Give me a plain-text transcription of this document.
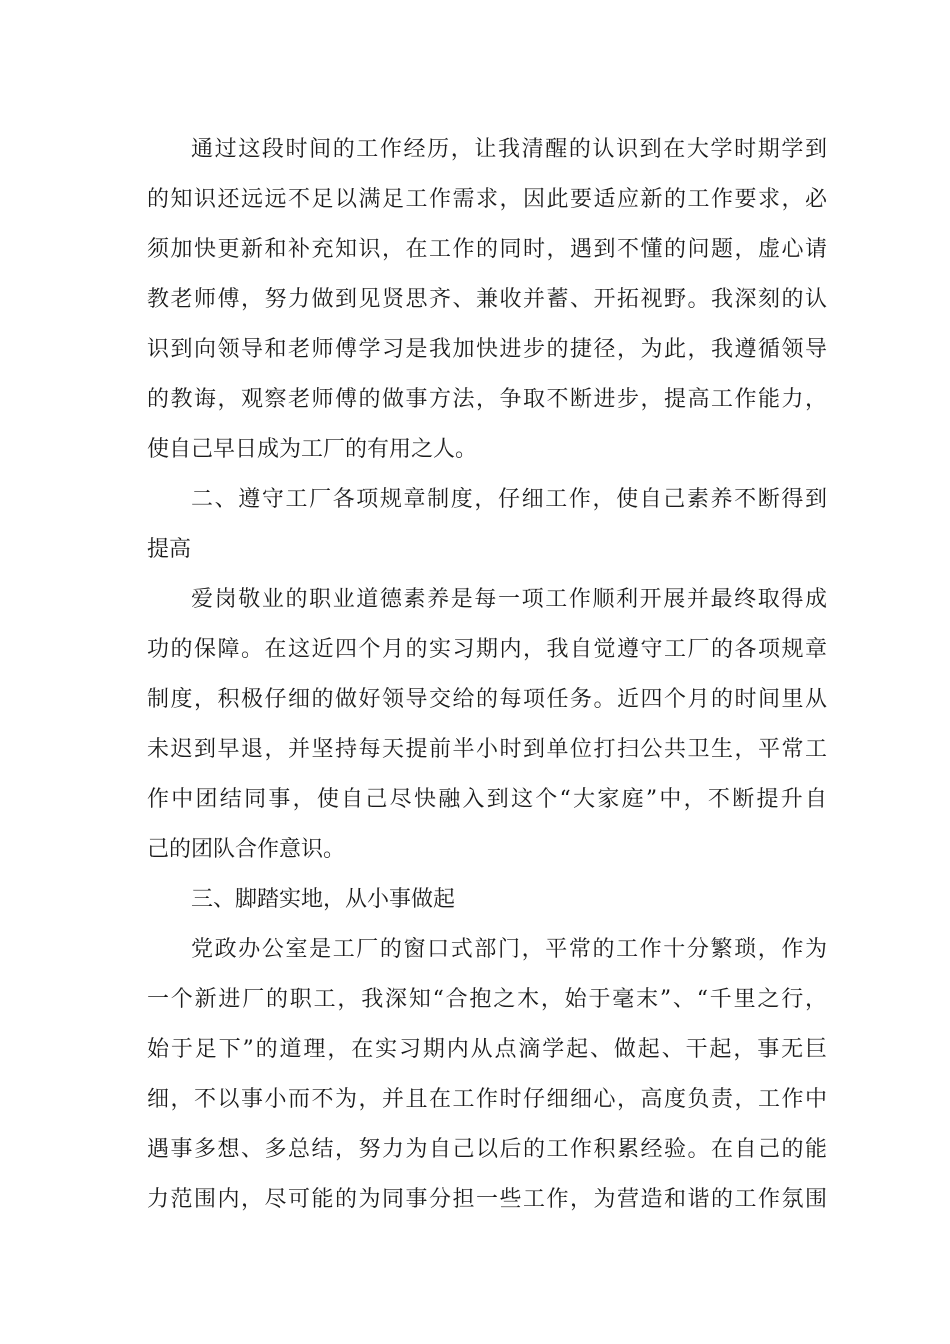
通过这段时间的工作经历，让我清醒的认识到在大学时期学到
的知识还远远不足以满足工作需求，因此要适应新的工作要求，必
须加快更新和补充知识，在工作的同时，遇到不懂的问题，虚心请
教老师傅，努力做到见贤思齐、兼收并蓄、开拓视野。我深刻的认
识到向领导和老师傅学习是我加快进步的捷径，为此，我遵循领导
的教诲，观察老师傅的做事方法，争取不断进步，提高工作能力，
使自己早日成为工厂的有用之人。
二、遵守工厂各项规章制度，仔细工作，使自己素养不断得到
提高
爱岗敬业的职业道德素养是每一项工作顺利开展并最终取得成
功的保障。在这近四个月的实习期内，我自觉遵守工厂的各项规章
制度，积极仔细的做好领导交给的每项任务。近四个月的时间里从
未迟到早退，并坚持每天提前半小时到单位打扫公共卫生，平常工
作中团结同事，使自己尽快融入到这个“大家庭”中，不断提升自
己的团队合作意识。
三、脚踏实地，从小事做起
党政办公室是工厂的窗口式部门，平常的工作十分繁琐，作为
一个新进厂的职工，我深知“合抱之木，始于毫末”、“千里之行，
始于足下”的道理，在实习期内从点滴学起、做起、干起，事无巨
细，不以事小而不为，并且在工作时仔细细心，高度负责，工作中
遇事多想、多总结，努力为自己以后的工作积累经验。在自己的能
力范围内，尽可能的为同事分担一些工作，为营造和谐的工作氛围
